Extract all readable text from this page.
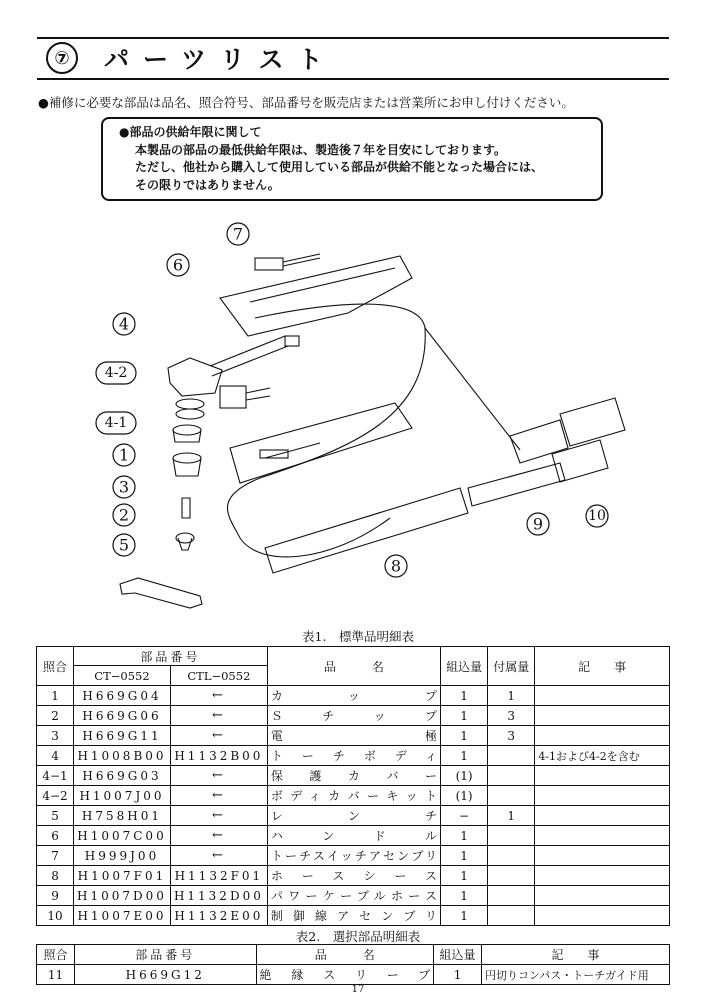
⑦	パーツリスト
●補修に必要な部品は品名、照合符号、部品番号を販売店または営業所にお申し付けください。
●部品の供給年限に関して
本製品の部品の最低供給年限は、製造後７年を目安にしております。
ただし、他社から購入して使用している部品が供給不能となった場合には、
その限りではありません。
7
6
4
4-2
4-1
1
3
2
5
8
9	10
表1.　標準品明細表
照合	部品番号		品　　　名	組込量	付属量	記　　事
	CT−0552	CTL−0552				
1	H669G04	←	カ　ッ　プ	1	1	
2	H669G06	←	Ｓ　チ　ッ　プ	1	3	
3	H669G11	←	電　　　極	1	3	
4	H1008B00	H1132B00	トーチボディ	1		4-1および4-2を含む
4−1	H669G03	←	保護カバー	(1)		
4−2	H1007J00	←	ボディカバーキット	(1)		
5	H758H01	←	レ　ン　チ	−	1	
6	H1007C00	←	ハ　ン　ド　ル	1		
7	H999J00	←	トーチスイッチアセンブリ	1		
8	H1007F01	H1132F01	ホースシース	1		
9	H1007D00	H1132D00	パワーケーブルホース	1		
10	H1007E00	H1132E00	制御線アセンブリ	1		
表2.　選択部品明細表
照合	部品番号	品　　　名	組込量	記　　事
11	H669G12	絶縁スリーブ	1	円切りコンパス・トーチガイド用
17
